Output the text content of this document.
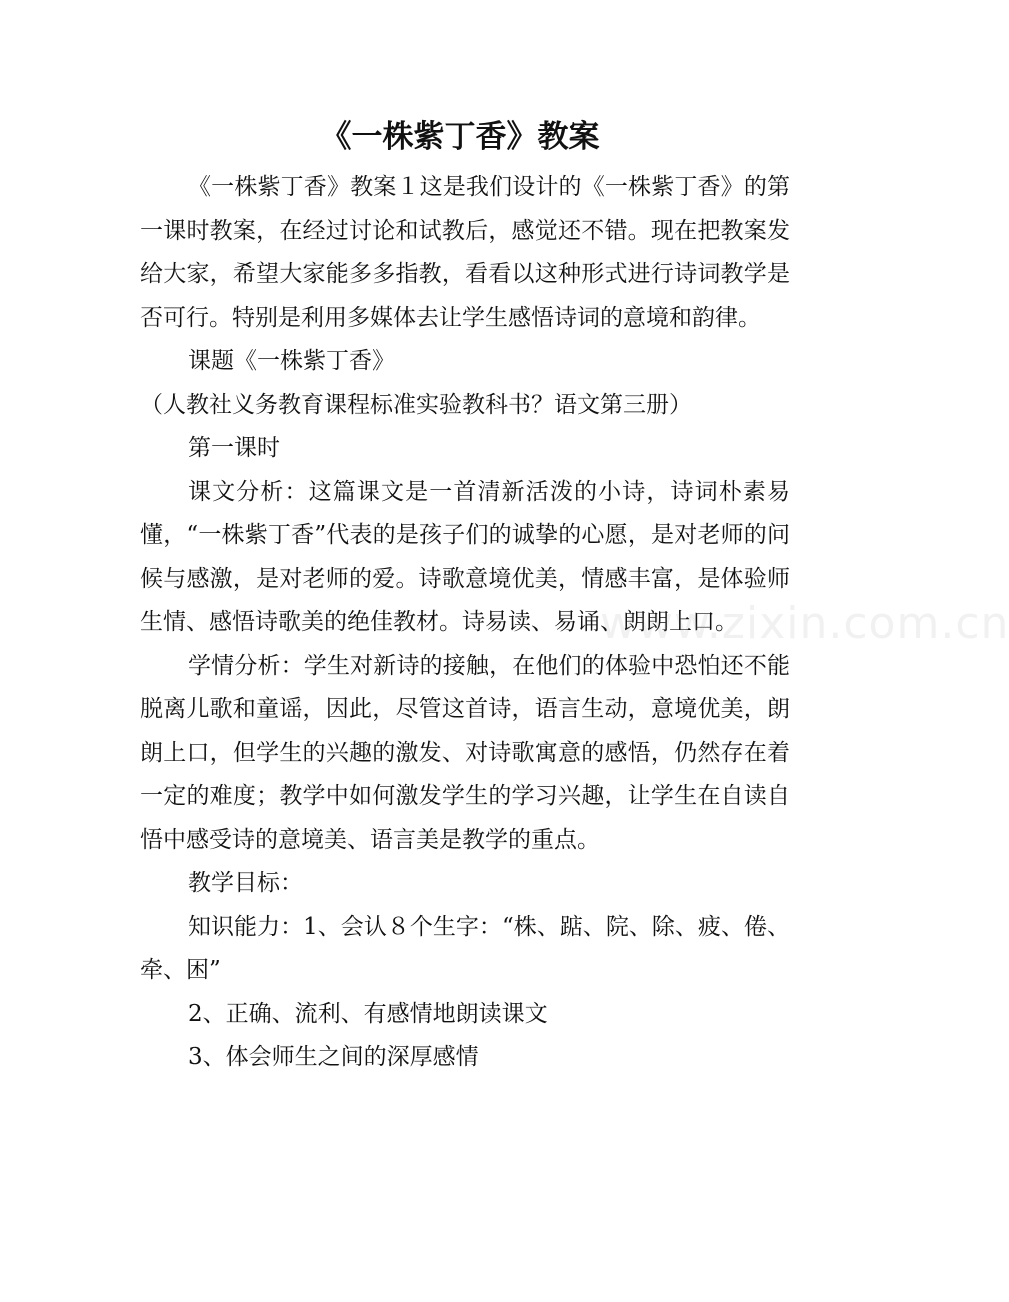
《一株紫丁香》教案

《一株紫丁香》教案１这是我们设计的《一株紫丁香》的第一课时教案，在经过讨论和试教后，感觉还不错。现在把教案发给大家，希望大家能多多指教，看看以这种形式进行诗词教学是否可行。特别是利用多媒体去让学生感悟诗词的意境和韵律。

课题《一株紫丁香》

（人教社义务教育课程标准实验教科书？语文第三册）

第一课时

课文分析：这篇课文是一首清新活泼的小诗，诗词朴素易懂，“一株紫丁香”代表的是孩子们的诚挚的心愿，是对老师的问候与感激，是对老师的爱。诗歌意境优美，情感丰富，是体验师生情、感悟诗歌美的绝佳教材。诗易读、易诵、朗朗上口。

学情分析：学生对新诗的接触，在他们的体验中恐怕还不能脱离儿歌和童谣，因此，尽管这首诗，语言生动，意境优美，朗朗上口，但学生的兴趣的激发、对诗歌寓意的感悟，仍然存在着一定的难度；教学中如何激发学生的学习兴趣，让学生在自读自悟中感受诗的意境美、语言美是教学的重点。

教学目标：

知识能力：1、会认８个生字：“株、踮、院、除、疲、倦、牵、困”

2、正确、流利、有感情地朗读课文

3、体会师生之间的深厚感情

www.zixin.com.cn
